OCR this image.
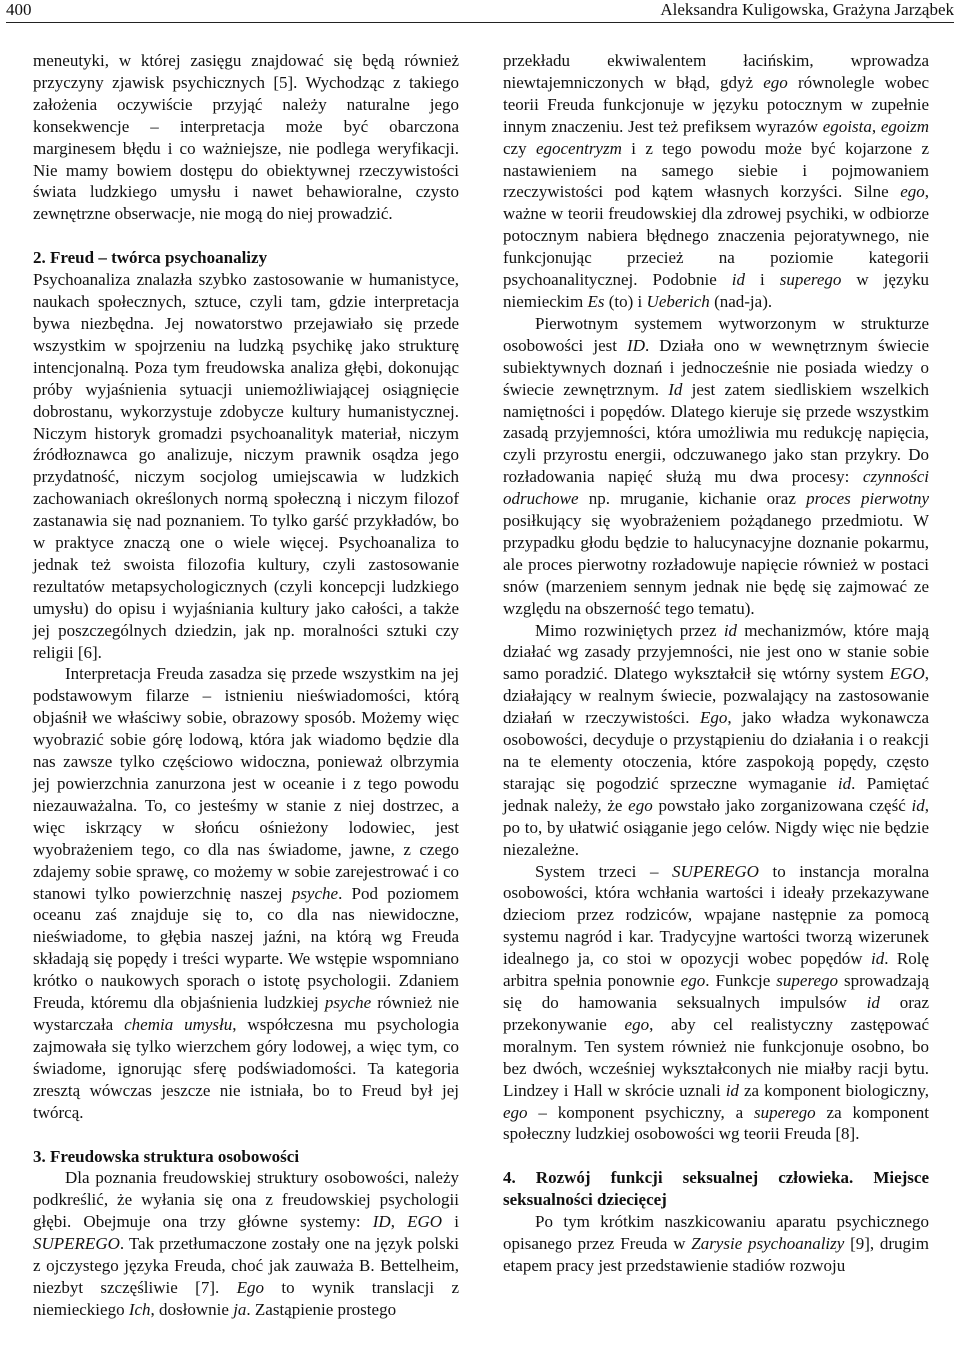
400	Aleksandra Kuligowska, Grażyna Jarząbek

meneutyki, w której zasięgu znajdować się będą również przyczyny zjawisk psychicznych [5]. Wychodząc z takiego założenia oczywiście przyjąć należy naturalne jego konsekwencje – interpretacja może być obarczona marginesem błędu i co ważniejsze, nie podlega weryfikacji. Nie mamy bowiem dostępu do obiektywnej rzeczywistości świata ludzkiego umysłu i nawet behawioralne, czysto zewnętrzne obserwacje, nie mogą do niej prowadzić.

2. Freud – twórca psychoanalizy

Psychoanaliza znalazła szybko zastosowanie w humanistyce, naukach społecznych, sztuce, czyli tam, gdzie interpretacja bywa niezbędna. Jej nowatorstwo przejawiało się przede wszystkim w spojrzeniu na ludzką psychikę jako strukturę intencjonalną. Poza tym freudowska analiza głębi, dokonując próby wyjaśnienia sytuacji uniemożliwiającej osiągnięcie dobrostanu, wykorzystuje zdobycze kultury humanistycznej. Niczym historyk gromadzi psychoanalityk materiał, niczym źródłoznawca go analizuje, niczym prawnik osądza jego przydatność, niczym socjolog umiejscawia w ludzkich zachowaniach określonych normą społeczną i niczym filozof zastanawia się nad poznaniem. To tylko garść przykładów, bo w praktyce znaczą one o wiele więcej. Psychoanaliza to jednak też swoista filozofia kultury, czyli zastosowanie rezultatów metapsychologicznych (czyli koncepcji ludzkiego umysłu) do opisu i wyjaśniania kultury jako całości, a także jej poszczególnych dziedzin, jak np. moralności sztuki czy religii [6].

Interpretacja Freuda zasadza się przede wszystkim na jej podstawowym filarze – istnieniu nieświadomości, którą objaśnił we właściwy sobie, obrazowy sposób. Możemy więc wyobrazić sobie górę lodową, która jak wiadomo będzie dla nas zawsze tylko częściowo widoczna, ponieważ olbrzymia jej powierzchnia zanurzona jest w oceanie i z tego powodu niezauważalna. To, co jesteśmy w stanie z niej dostrzec, a więc iskrzący w słońcu ośnieżony lodowiec, jest wyobrażeniem tego, co dla nas świadome, jawne, z czego zdajemy sobie sprawę, co możemy w sobie zarejestrować i co stanowi tylko powierzchnię naszej psyche. Pod poziomem oceanu zaś znajduje się to, co dla nas niewidoczne, nieświadome, to głębia naszej jaźni, na którą wg Freuda składają się popędy i treści wyparte. We wstępie wspomniano krótko o naukowych sporach o istotę psychologii. Zdaniem Freuda, któremu dla objaśnienia ludzkiej psyche również nie wystarczała chemia umysłu, współczesna mu psychologia zajmowała się tylko wierzchem góry lodowej, a więc tym, co świadome, ignorując sferę podświadomości. Ta kategoria zresztą wówczas jeszcze nie istniała, bo to Freud był jej twórcą.

3. Freudowska struktura osobowości

Dla poznania freudowskiej struktury osobowości, należy podkreślić, że wyłania się ona z freudowskiej psychologii głębi. Obejmuje ona trzy główne systemy: ID, EGO i SUPEREGO. Tak przetłumaczone zostały one na język polski z ojczystego języka Freuda, choć jak zauważa B. Bettelheim, niezbyt szczęśliwie [7]. Ego to wynik translacji z niemieckiego Ich, dosłownie ja. Zastąpienie prostego

przekładu ekwiwalentem łacińskim, wprowadza niewtajemniczonych w błąd, gdyż ego równolegle wobec teorii Freuda funkcjonuje w języku potocznym w zupełnie innym znaczeniu. Jest też prefiksem wyrazów egoista, egoizm czy egocentryzm i z tego powodu może być kojarzone z nastawieniem na samego siebie i pojmowaniem rzeczywistości pod kątem własnych korzyści. Silne ego, ważne w teorii freudowskiej dla zdrowej psychiki, w odbiorze potocznym nabiera błędnego znaczenia pejoratywnego, nie funkcjonując przecież na poziomie kategorii psychoanalitycznej. Podobnie id i superego w języku niemieckim Es (to) i Ueberich (nad-ja).

Pierwotnym systemem wytworzonym w strukturze osobowości jest ID. Działa ono w wewnętrznym świecie subiektywnych doznań i jednocześnie nie posiada wiedzy o świecie zewnętrznym. Id jest zatem siedliskiem wszelkich namiętności i popędów. Dlatego kieruje się przede wszystkim zasadą przyjemności, która umożliwia mu redukcję napięcia, czyli przyrostu energii, odczuwanego jako stan przykry. Do rozładowania napięć służą mu dwa procesy: czynności odruchowe np. mruganie, kichanie oraz proces pierwotny posiłkujący się wyobrażeniem pożądanego przedmiotu. W przypadku głodu będzie to halucynacyjne doznanie pokarmu, ale proces pierwotny rozładowuje napięcie również w postaci snów (marzeniem sennym jednak nie będę się zajmować ze względu na obszerność tego tematu).

Mimo rozwiniętych przez id mechanizmów, które mają działać wg zasady przyjemności, nie jest ono w stanie sobie samo poradzić. Dlatego wykształcił się wtórny system EGO, działający w realnym świecie, pozwalający na zastosowanie działań w rzeczywistości. Ego, jako władza wykonawcza osobowości, decyduje o przystąpieniu do działania i o reakcji na te elementy otoczenia, które zaspokoją popędy, często starając się pogodzić sprzeczne wymaganie id. Pamiętać jednak należy, że ego powstało jako zorganizowana część id, po to, by ułatwić osiąganie jego celów. Nigdy więc nie będzie niezależne.

System trzeci – SUPEREGO to instancja moralna osobowości, która wchłania wartości i ideały przekazywane dzieciom przez rodziców, wpajane następnie za pomocą systemu nagród i kar. Tradycyjne wartości tworzą wizerunek idealnego ja, co stoi w opozycji wobec popędów id. Rolę arbitra spełnia ponownie ego. Funkcje superego sprowadzają się do hamowania seksualnych impulsów id oraz przekonywanie ego, aby cel realistyczny zastępować moralnym. Ten system również nie funkcjonuje osobno, bo bez dwóch, wcześniej wykształconych nie miałby racji bytu. Lindzey i Hall w skrócie uznali id za komponent biologiczny, ego – komponent psychiczny, a superego za komponent społeczny ludzkiej osobowości wg teorii Freuda [8].

4. Rozwój funkcji seksualnej człowieka. Miejsce seksualności dziecięcej

Po tym krótkim naszkicowaniu aparatu psychicznego opisanego przez Freuda w Zarysie psychoanalizy [9], drugim etapem pracy jest przedstawienie stadiów rozwoju
